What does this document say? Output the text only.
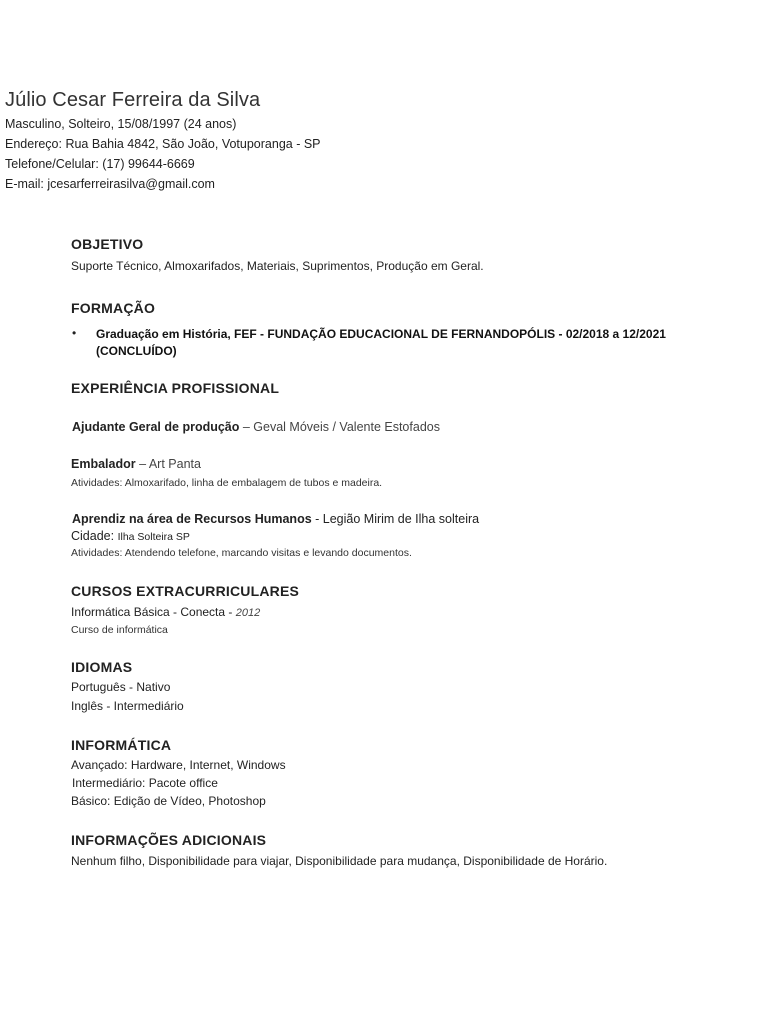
Júlio Cesar Ferreira da Silva
Masculino, Solteiro, 15/08/1997 (24 anos)
Endereço: Rua Bahia 4842, São João, Votuporanga - SP
Telefone/Celular: (17) 99644-6669
E-mail: jcesarferreirasilva@gmail.com
OBJETIVO
Suporte Técnico, Almoxarifados, Materiais, Suprimentos, Produção em Geral.
FORMAÇÃO
• Graduação em História, FEF - FUNDAÇÃO EDUCACIONAL DE FERNANDOPÓLIS - 02/2018 a 12/2021
(CONCLUÍDO)
EXPERIÊNCIA PROFISSIONAL
Ajudante Geral de produção – Geval Móveis / Valente Estofados
Embalador – Art Panta
Atividades: Almoxarifado, linha de embalagem de tubos e madeira.
Aprendiz na área de Recursos Humanos - Legião Mirim de Ilha solteira
Cidade: Ilha Solteira SP
Atividades: Atendendo telefone, marcando visitas e levando documentos.
CURSOS EXTRACURRICULARES
Informática Básica - Conecta - 2012
Curso de informática
IDIOMAS
Português - Nativo
Inglês - Intermediário
INFORMÁTICA
Avançado: Hardware, Internet, Windows
Intermediário: Pacote office
Básico: Edição de Vídeo, Photoshop
INFORMAÇÕES ADICIONAIS
Nenhum filho, Disponibilidade para viajar, Disponibilidade para mudança, Disponibilidade de Horário.
